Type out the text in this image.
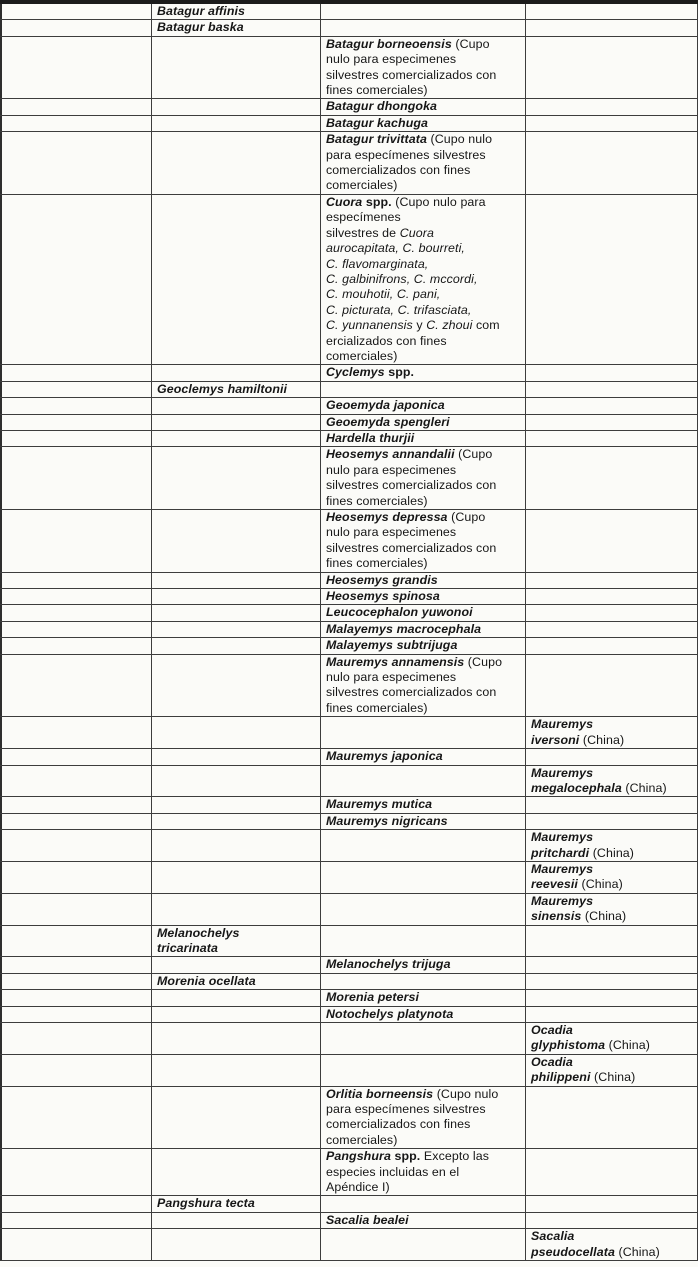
Batagur affinis
Batagur baska
Batagur borneoensis (Cupo
nulo para especimenes
silvestres comercializados con
fines comerciales)
Batagur dhongoka
Batagur kachuga
Batagur trivittata (Cupo nulo
para especímenes silvestres
comercializados con fines
comerciales)
Cuora spp. (Cupo nulo para
especímenes
silvestres de Cuora
aurocapitata, C. bourreti,
C. flavomarginata,
C. galbinifrons, C. mccordi,
C. mouhotii, C. pani,
C. picturata, C. trifasciata,
C. yunnanensis y C. zhoui com
ercializados con fines
comerciales)
Cyclemys spp.
Geoclemys hamiltonii
Geoemyda japonica
Geoemyda spengleri
Hardella thurjii
Heosemys annandalii (Cupo
nulo para especimenes
silvestres comercializados con
fines comerciales)
Heosemys depressa (Cupo
nulo para especimenes
silvestres comercializados con
fines comerciales)
Heosemys grandis
Heosemys spinosa
Leucocephalon yuwonoi
Malayemys macrocephala
Malayemys subtrijuga
Mauremys annamensis (Cupo
nulo para especimenes
silvestres comercializados con
fines comerciales)
Mauremys
iversoni (China)
Mauremys japonica
Mauremys
megalocephala (China)
Mauremys mutica
Mauremys nigricans
Mauremys
pritchardi (China)
Mauremys
reevesii (China)
Mauremys
sinensis (China)
Melanochelys
tricarinata
Melanochelys trijuga
Morenia ocellata
Morenia petersi
Notochelys platynota
Ocadia
glyphistoma (China)
Ocadia
philippeni (China)
Orlitia borneensis (Cupo nulo
para especímenes silvestres
comercializados con fines
comerciales)
Pangshura spp. Excepto las
especies incluidas en el
Apéndice I)
Pangshura tecta
Sacalia bealei
Sacalia
pseudocellata (China)
